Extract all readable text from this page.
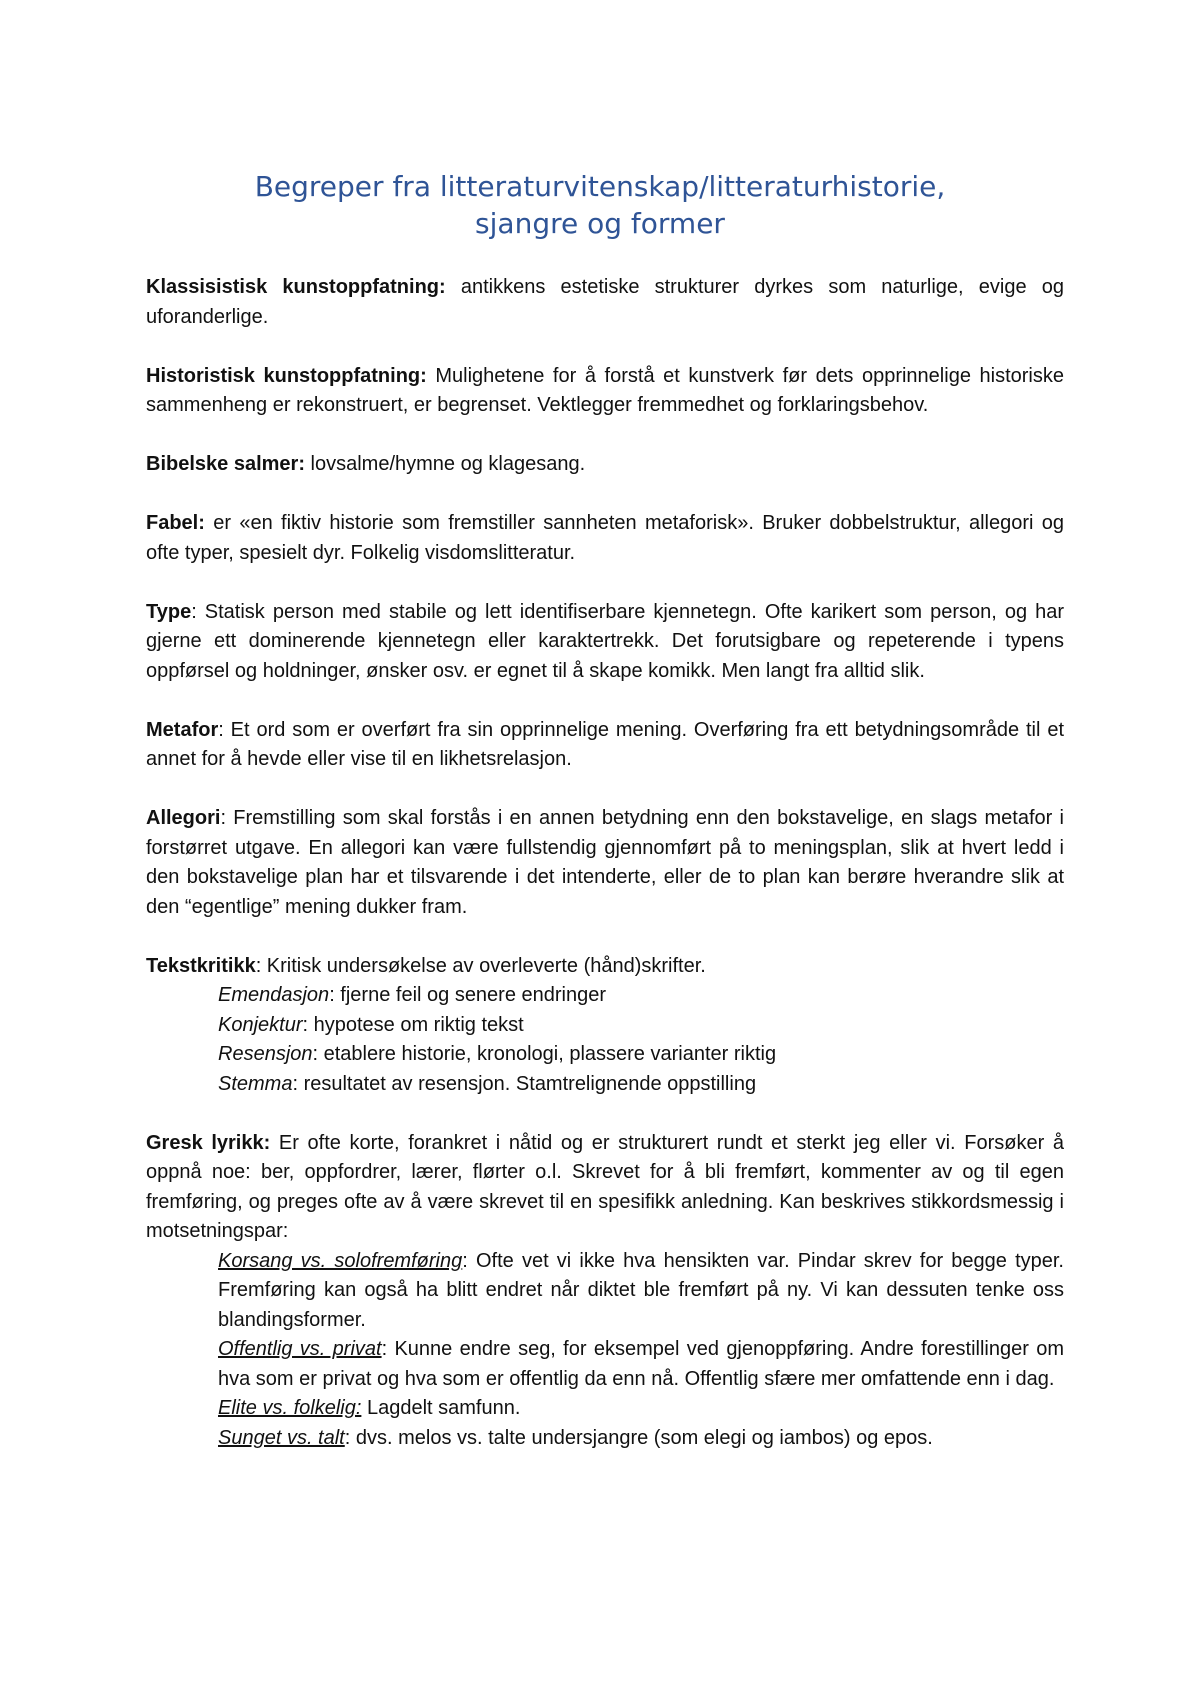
Begreper fra litteraturvitenskap/litteraturhistorie,
sjangre og former

Klassisistisk kunstoppfatning: antikkens estetiske strukturer dyrkes som naturlige, evige og uforanderlige.

Historistisk kunstoppfatning: Mulighetene for å forstå et kunstverk før dets opprinnelige historiske sammenheng er rekonstruert, er begrenset. Vektlegger fremmedhet og forklaringsbehov.

Bibelske salmer: lovsalme/hymne og klagesang.

Fabel: er «en fiktiv historie som fremstiller sannheten metaforisk». Bruker dobbelstruktur, allegori og ofte typer, spesielt dyr. Folkelig visdomslitteratur.

Type: Statisk person med stabile og lett identifiserbare kjennetegn. Ofte karikert som person, og har gjerne ett dominerende kjennetegn eller karaktertrekk. Det forutsigbare og repeterende i typens oppførsel og holdninger, ønsker osv. er egnet til å skape komikk. Men langt fra alltid slik.

Metafor: Et ord som er overført fra sin opprinnelige mening. Overføring fra ett betydningsområde til et annet for å hevde eller vise til en likhetsrelasjon.

Allegori: Fremstilling som skal forstås i en annen betydning enn den bokstavelige, en slags metafor i forstørret utgave. En allegori kan være fullstendig gjennomført på to meningsplan, slik at hvert ledd i den bokstavelige plan har et tilsvarende i det intenderte, eller de to plan kan berøre hverandre slik at den “egentlige” mening dukker fram.

Tekstkritikk: Kritisk undersøkelse av overleverte (hånd)skrifter.

Emendasjon: fjerne feil og senere endringer

Konjektur: hypotese om riktig tekst

Resensjon: etablere historie, kronologi, plassere varianter riktig

Stemma: resultatet av resensjon. Stamtrelignende oppstilling

Gresk lyrikk: Er ofte korte, forankret i nåtid og er strukturert rundt et sterkt jeg eller vi. Forsøker å oppnå noe: ber, oppfordrer, lærer, flørter o.l. Skrevet for å bli fremført, kommenter av og til egen fremføring, og preges ofte av å være skrevet til en spesifikk anledning. Kan beskrives stikkordsmessig i motsetningspar:

Korsang vs. solofremføring: Ofte vet vi ikke hva hensikten var. Pindar skrev for begge typer. Fremføring kan også ha blitt endret når diktet ble fremført på ny. Vi kan dessuten tenke oss blandingsformer.

Offentlig vs. privat: Kunne endre seg, for eksempel ved gjenoppføring. Andre forestillinger om hva som er privat og hva som er offentlig da enn nå. Offentlig sfære mer omfattende enn i dag.

Elite vs. folkelig: Lagdelt samfunn.

Sunget vs. talt: dvs. melos vs. talte undersjangre (som elegi og iambos) og epos.
